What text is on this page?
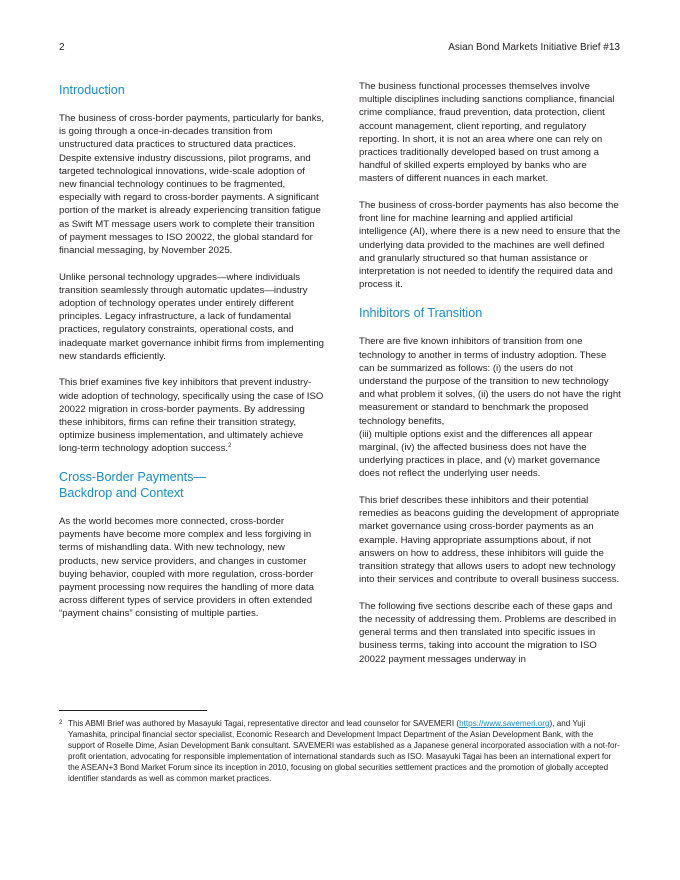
2	Asian Bond Markets Initiative Brief #13
Introduction

The business of cross-border payments, particularly for banks, is going through a once-in-decades transition from unstructured data practices to structured data practices. Despite extensive industry discussions, pilot programs, and targeted technological innovations, wide-scale adoption of new financial technology continues to be fragmented, especially with regard to cross-border payments. A significant portion of the market is already experiencing transition fatigue as Swift MT message users work to complete their transition of payment messages to ISO 20022, the global standard for financial messaging, by November 2025.

Unlike personal technology upgrades—where individuals transition seamlessly through automatic updates—industry adoption of technology operates under entirely different principles. Legacy infrastructure, a lack of fundamental practices, regulatory constraints, operational costs, and inadequate market governance inhibit firms from implementing new standards efficiently.

This brief examines five key inhibitors that prevent industry-wide adoption of technology, specifically using the case of ISO 20022 migration in cross-border payments. By addressing these inhibitors, firms can refine their transition strategy, optimize business implementation, and ultimately achieve long-term technology adoption success.$^2$

Cross-Border Payments—
Backdrop and Context

As the world becomes more connected, cross-border payments have become more complex and less forgiving in terms of mishandling data. With new technology, new products, new service providers, and changes in customer buying behavior, coupled with more regulation, cross-border payment processing now requires the handling of more data across different types of service providers in often extended “payment chains” consisting of multiple parties.

The business functional processes themselves involve multiple disciplines including sanctions compliance, financial crime compliance, fraud prevention, data protection, client account management, client reporting, and regulatory reporting. In short, it is not an area where one can rely on practices traditionally developed based on trust among a handful of skilled experts employed by banks who are masters of different nuances in each market.

The business of cross-border payments has also become the front line for machine learning and applied artificial intelligence (AI), where there is a new need to ensure that the underlying data provided to the machines are well defined and granularly structured so that human assistance or interpretation is not needed to identify the required data and process it.

Inhibitors of Transition

There are five known inhibitors of transition from one technology to another in terms of industry adoption. These can be summarized as follows: (i) the users do not understand the purpose of the transition to new technology and what problem it solves, (ii) the users do not have the right measurement or standard to benchmark the proposed technology benefits,
(iii) multiple options exist and the differences all appear marginal, (iv) the affected business does not have the underlying practices in place, and (v) market governance does not reflect the underlying user needs.

This brief describes these inhibitors and their potential remedies as beacons guiding the development of appropriate market governance using cross-border payments as an example. Having appropriate assumptions about, if not answers on how to address, these inhibitors will guide the transition strategy that allows users to adopt new technology into their services and contribute to overall business success.

The following five sections describe each of these gaps and the necessity of addressing them. Problems are described in general terms and then translated into specific issues in business terms, taking into account the migration to ISO 20022 payment messages underway in

2 This ABMI Brief was authored by Masayuki Tagai, representative director and lead counselor for SAVEMERI (https://www.savemeri.org), and Yuji Yamashita, principal financial sector specialist, Economic Research and Development Impact Department of the Asian Development Bank, with the support of Roselle Dime, Asian Development Bank consultant. SAVEMERI was established as a Japanese general incorporated association with a not-for-profit orientation, advocating for responsible implementation of international standards such as ISO. Masayuki Tagai has been an international expert for the ASEAN+3 Bond Market Forum since its inception in 2010, focusing on global securities settlement practices and the promotion of globally accepted identifier standards as well as common market practices.
